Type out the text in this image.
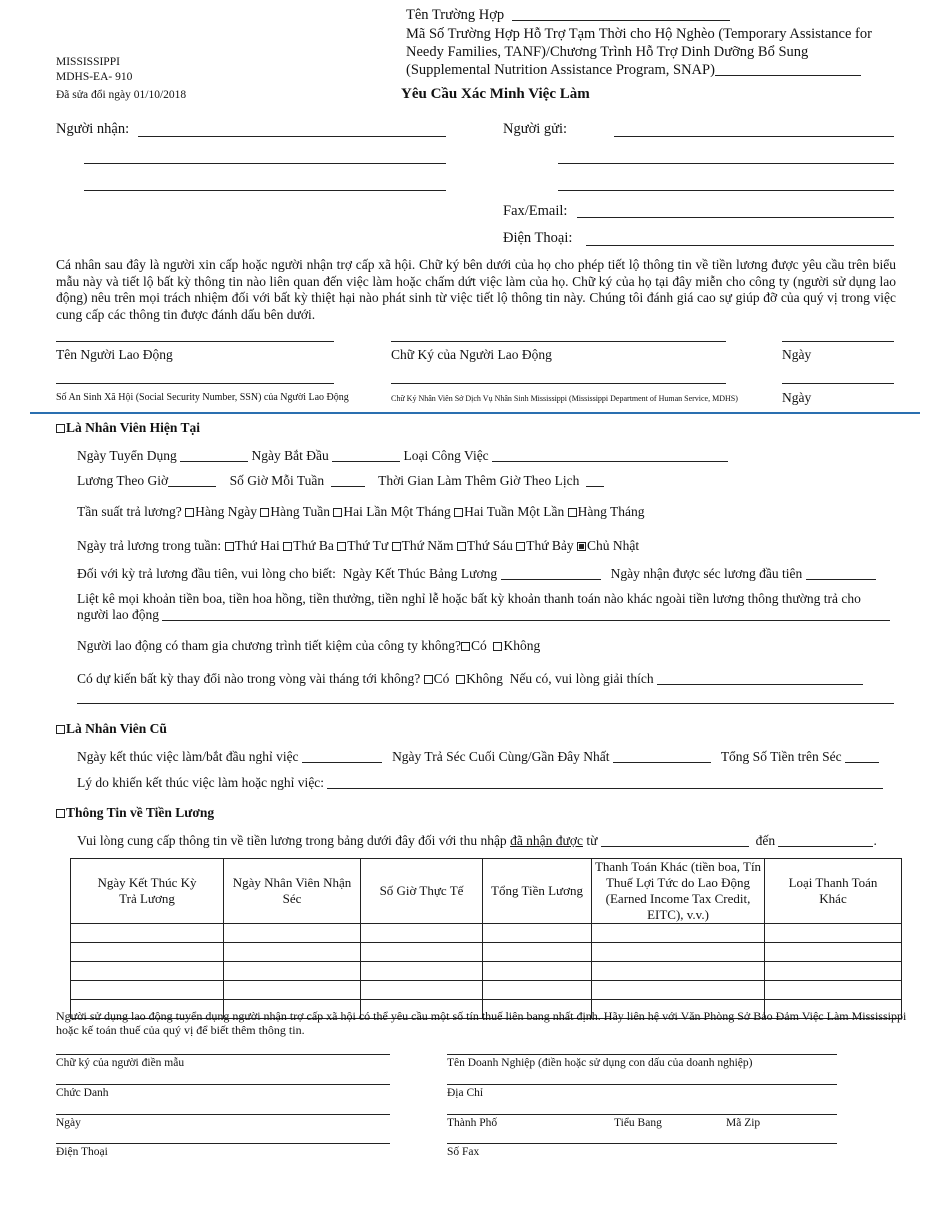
MISSISSIPPI
MDHS-EA- 910
Đã sửa đổi ngày 01/10/2018
Tên Trường Hợp
Mã Số Trường Hợp Hỗ Trợ Tạm Thời cho Hộ Nghèo (Temporary Assistance for
Needy Families, TANF)/Chương Trình Hỗ Trợ Dinh Dưỡng Bổ Sung
(Supplemental Nutrition Assistance Program, SNAP)
Yêu Cầu Xác Minh Việc Làm
Người nhận:	Người gửi:
Fax/Email:
Điện Thoại:
Cá nhân sau đây là người xin cấp hoặc người nhận trợ cấp xã hội. Chữ ký bên dưới của họ cho phép tiết lộ thông tin về tiền lương được yêu cầu trên biểu mẫu này và tiết lộ bất kỳ thông tin nào liên quan đến việc làm hoặc chấm dứt việc làm của họ. Chữ ký của họ tại đây miễn cho công ty (người sử dụng lao động) nêu trên mọi trách nhiệm đối với bất kỳ thiệt hại nào phát sinh từ việc tiết lộ thông tin này. Chúng tôi đánh giá cao sự giúp đỡ của quý vị trong việc cung cấp các thông tin được đánh dấu bên dưới.
Tên Người Lao Động	Chữ Ký của Người Lao Động	Ngày
Số An Sinh Xã Hội (Social Security Number, SSN) của Người Lao Động	Chữ Ký Nhân Viên Sở Dịch Vụ Nhân Sinh Mississippi (Mississippi Department of Human Service, MDHS)	Ngày
Là Nhân Viên Hiện Tại
Ngày Tuyển Dụng	Ngày Bắt Đầu	Loại Công Việc
Lương Theo Giờ	Số Giờ Mỗi Tuần	Thời Gian Làm Thêm Giờ Theo Lịch
Tần suất trả lương? Hàng Ngày Hàng Tuần Hai Lần Một Tháng Hai Tuần Một Lần Hàng Tháng
Ngày trả lương trong tuần: Thứ Hai Thứ Ba Thứ Tư Thứ Năm Thứ Sáu Thứ Bảy Chủ Nhật
Đối với kỳ trả lương đầu tiên, vui lòng cho biết: Ngày Kết Thúc Bảng Lương	Ngày nhận được séc lương đầu tiên
Liệt kê mọi khoản tiền boa, tiền hoa hồng, tiền thưởng, tiền nghỉ lễ hoặc bất kỳ khoản thanh toán nào khác ngoài tiền lương thông thường trả cho
người lao động
Người lao động có tham gia chương trình tiết kiệm của công ty không? Có Không
Có dự kiến bất kỳ thay đổi nào trong vòng vài tháng tới không? Có Không Nếu có, vui lòng giải thích
Là Nhân Viên Cũ
Ngày kết thúc việc làm/bắt đầu nghỉ việc	Ngày Trả Séc Cuối Cùng/Gần Đây Nhất	Tổng Số Tiền trên Séc
Lý do khiến kết thúc việc làm hoặc nghỉ việc:
Thông Tin về Tiền Lương
Vui lòng cung cấp thông tin về tiền lương trong bảng dưới đây đối với thu nhập đã nhận được từ	đến	.
Ngày Kết Thúc Kỳ Trả Lương	Ngày Nhân Viên Nhận Séc	Số Giờ Thực Tế	Tổng Tiền Lương	Thanh Toán Khác (tiền boa, Tín Thuế Lợi Tức do Lao Động (Earned Income Tax Credit, EITC), v.v.)	Loại Thanh Toán Khác

Người sử dụng lao động tuyển dụng người nhận trợ cấp xã hội có thể yêu cầu một số tín thuế liên bang nhất định. Hãy liên hệ với Văn Phòng Sở Bảo Đảm Việc Làm Mississippi hoặc kế toán thuế của quý vị để biết thêm thông tin.
Chữ ký của người điền mẫu	Tên Doanh Nghiệp (điền hoặc sử dụng con dấu của doanh nghiệp)
Chức Danh	Địa Chỉ
Ngày	Thành Phố	Tiểu Bang	Mã Zip
Điện Thoại	Số Fax
